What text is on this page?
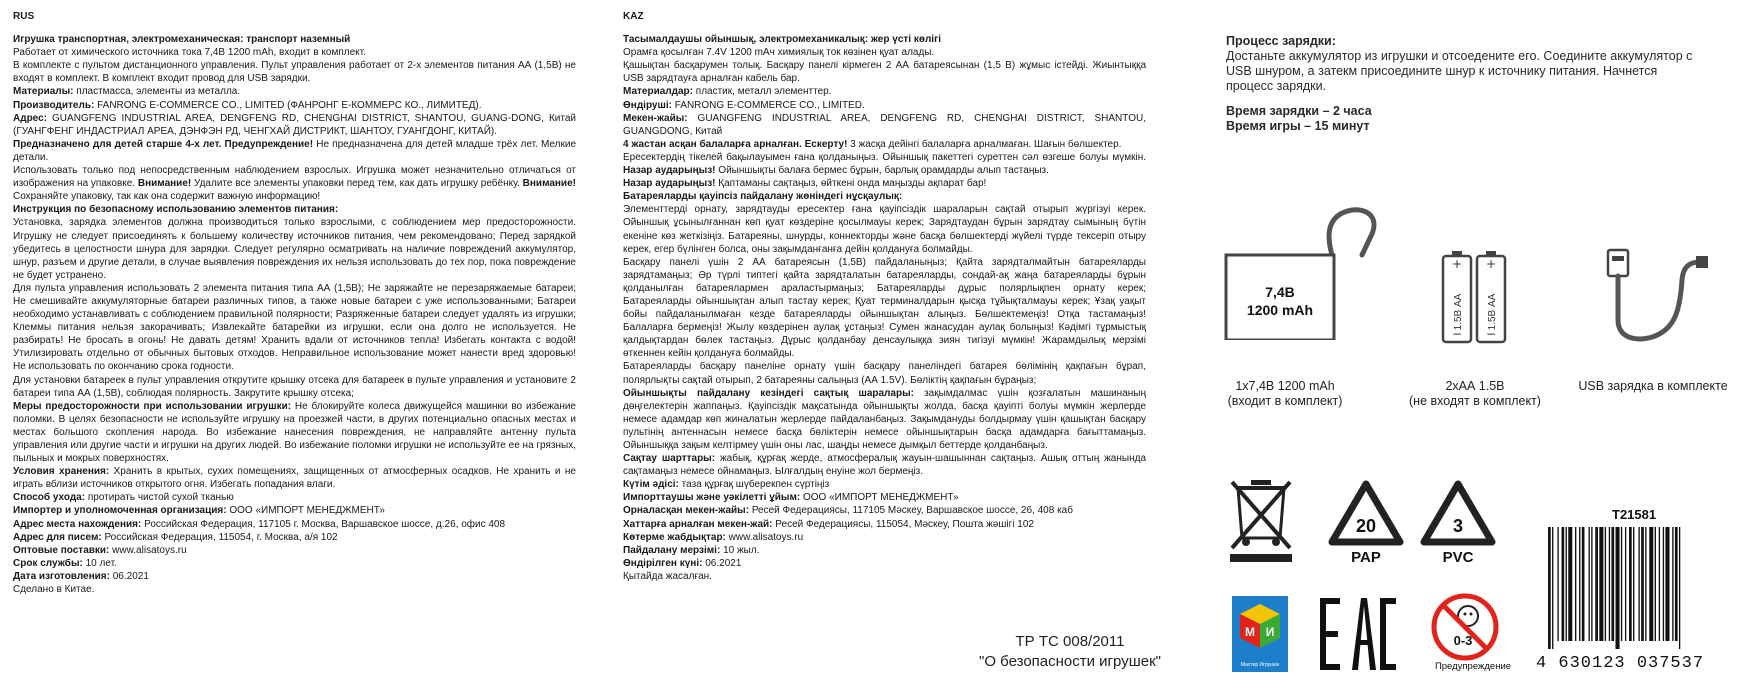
RUS

Игрушка транспортная, электромеханическая: транспорт наземный

Работает от химического источника тока 7,4В 1200 mAh, входит в комплект.

В комплекте с пультом дистанционного управления. Пульт управления работает от 2-х элементов питания АА (1,5В) не входят в комплект. В комплект входит провод для USB зарядки.

Материалы: пластмасса, элементы из металла.

Производитель: FANRONG E-COMMERCE CO., LIMITED (ФАНРОНГ Е-КОММЕРС КО., ЛИМИТЕД).

Адрес: GUANGFENG INDUSTRIAL AREA, DENGFENG RD, CHENGHAI DISTRICT, SHANTOU, GUANG-DONG, Китай (ГУАНГФЕНГ ИНДАСТРИАЛ АРЕА, ДЭНФЭН РД, ЧЕНГХАЙ ДИСТРИКТ, ШАНТОУ, ГУАНГДОНГ, КИТАЙ).

Предназначено для детей старше 4-х лет. Предупреждение! Не предназначена для детей младше трёх лет. Мелкие детали.

Использовать только под непосредственным наблюдением взрослых. Игрушка может незначительно отличаться от изображения на упаковке. Внимание! Удалите все элементы упаковки перед тем, как дать игрушку ребёнку. Внимание! Сохраняйте упаковку, так как она содержит важную информацию!

Инструкция по безопасному использованию элементов питания:

Установка, зарядка элементов должна производиться только взрослыми, с соблюдением мер предосторожности. Игрушку не следует присоединять к большему количеству источников питания, чем рекомендовано; Перед зарядкой убедитесь в целостности шнура для зарядки. Следует регулярно осматривать на наличие повреждений аккумулятор, шнур, разъем и другие детали, в случае выявления повреждения их нельзя использовать до тех пор, пока повреждение не будет устранено.

Для пульта управления использовать 2 элемента питания типа АА (1,5В); Не заряжайте не перезаряжаемые батареи; Не смешивайте аккумуляторные батареи различных типов, а также новые батареи с уже использованными; Батареи необходимо устанавливать с соблюдением правильной полярности; Разряженные батареи следует удалять из игрушки; Клеммы питания нельзя закорачивать; Извлекайте батарейки из игрушки, если она долго не используется. Не разбирать! Не бросать в огонь! Не давать детям! Хранить вдали от источников тепла! Избегать контакта с водой! Утилизировать отдельно от обычных бытовых отходов. Неправильное использование может нанести вред здоровью! Не использовать по окончанию срока годности.

Для установки батареек в пульт управления открутите крышку отсека для батареек в пульте управления и установите 2 батареи типа АА (1,5В), соблюдая полярность. Закрутите крышку отсека;

Меры предосторожности при использовании игрушки: Не блокируйте колеса движущейся машинки во избежание поломки. В целях безопасности не используйте игрушку на проезжей части, в других потенциально опасных местах и местах большого скопления народа. Во избежание нанесения повреждения, не направляйте антенну пульта управления или другие части и игрушки на других людей. Во избежание поломки игрушки не используйте ее на грязных, пыльных и мокрых поверхностях.

Условия хранения: Хранить в крытых, сухих помещениях, защищенных от атмосферных осадков. Не хранить и не играть вблизи источников открытого огня. Избегать попадания влаги.

Способ ухода: протирать чистой сухой тканью

Импортер и уполномоченная организация: ООО «ИМПОРТ МЕНЕДЖМЕНТ»

Адрес места нахождения: Российская Федерация, 117105 г. Москва, Варшавское шоссе, д.26, офис 408

Адрес для писем: Российская Федерация, 115054, г. Москва, а/я 102

Оптовые поставки: www.alisatoys.ru

Срок службы: 10 лет.

Дата изготовления: 06.2021

Сделано в Китае.

KAZ

Тасымалдаушы ойыншық, электромеханикалық: жер үсті көлігі

Орамға қосылған 7.4V 1200 mAч химиялық ток көзінен қуат алады.

Қашықтан басқарумен толық. Басқару панелі кірмеген 2 АА батареясынан (1,5 В) жұмыс істейді. Жиынтыққа USB зарядтауға арналған кабель бар.

Материалдар: пластик, металл элементтер.

Өндіруші: FANRONG E-COMMERCE CO., LIMITED.

Мекен-жайы: GUANGFENG INDUSTRIAL AREA, DENGFENG RD, CHENGHAI DISTRICT, SHANTOU, GUANGDONG, Китай

4 жастан асқан балаларға арналған. Ескерту! 3 жасқа дейінгі балаларға арналмаған. Шағын бөлшектер.

Ересектердің тікелей бақылауымен ғана қолданыңыз. Ойыншық пакеттегі суреттен сәл өзгеше болуы мүмкін. Назар аударыңыз! Ойыншықты балаға бермес бұрын, барлық орамдарды алып тастаңыз.

Назар аударыңыз! Қаптаманы сақтаңыз, өйткені онда маңызды ақпарат бар!

Батареяларды қауіпсіз пайдалану жөніндегі нұсқаулық:

Элементтерді орнату, зарядтауды ересектер ғана қауіпсіздік шараларын сақтай отырып жүргізуі керек. Ойыншық ұсынылғаннан көп қуат көздеріне қосылмауы керек; Зарядтаудан бұрын зарядтау сымының бүтін екеніне көз жеткізіңіз. Батареяны, шнурды, коннекторды және басқа бөлшектерді жүйелі түрде тексеріп отыру керек, егер бүлінген болса, оны зақымданғанға дейін қолдануға болмайды.

Басқару панелі үшін 2 АА батареясын (1,5В) пайдаланыңыз; Қайта зарядталмайтын батареяларды зарядтамаңыз; Әр түрлі типтегі қайта зарядталатын батареяларды, сондай-ақ жаңа батареяларды бұрын қолданылған батареялармен араластырмаңыз; Батареяларды дұрыс полярлықпен орнату керек; Батареяларды ойыншықтан алып тастау керек; Қуат терминалдарын қысқа тұйықталмауы керек; Ұзақ уақыт бойы пайдаланылмаған кезде батареяларды ойыншықтан алыңыз. Бөлшектемеңіз! Отқа тастамаңыз! Балаларға бермеңіз! Жылу көздерінен аулақ ұстаңыз! Сумен жанасудан аулақ болыңыз! Кәдімгі тұрмыстық қалдықтардан бөлек тастаңыз. Дұрыс қолданбау денсаулыққа зиян тигізуі мүмкін! Жарамдылық мерзімі өткеннен кейін қолдануға болмайды.

Батареяларды басқару панеліне орнату үшін басқару панеліндегі батарея бөлімінің қақпағын бұрап, полярлықты сақтай отырып, 2 батареяны салыңыз (АА 1.5V). Бөліктің қақпағын бұраңыз;

Ойыншықты пайдалану кезіндегі сақтық шаралары: зақымдалмас үшін қозғалатын машинаның дөңгелектерін жаппаңыз. Қауіпсіздік мақсатында ойыншықты жолда, басқа қауіпті болуы мүмкін жерлерде немесе адамдар көп жиналатын жерлерде пайдаланбаңыз. Зақымдануды болдырмау үшін қашықтан басқару пультінің антеннасын немесе басқа бөліктерін немесе ойыншықтарын басқа адамдарға бағыттамаңыз. Ойыншыққа зақым келтірмеу үшін оны лас, шаңды немесе дымқыл беттерде қолданбаңыз.

Сақтау шарттары: жабық, құрғақ жерде, атмосфералық жауын-шашыннан сақтаңыз. Ашық оттың жанында сақтамаңыз немесе ойнамаңыз. Ылғалдың енуіне жол бермеңіз.

Күтім әдісі: таза құрғақ шүберекпен сүртіңіз

Импорттаушы және уәкілетті ұйым: ООО «ИМПОРТ МЕНЕДЖМЕНТ»

Орналасқан мекен-жайы: Ресей Федерациясы, 117105 Мәскеу, Варшавское шоссе, 26, 408 каб

Хаттарға арналған мекен-жай: Ресей Федерациясы, 115054, Мәскеу, Пошта жәшігі 102

Көтерме жабдықтар: www.alisatoys.ru

Пайдалану мерзімі: 10 жыл.

Өндірілген күні: 06.2021

Қытайда жасалған.

Процесс зарядки:

Достаньте аккумулятор из игрушки и отсоедените его. Соедините аккумулятор с USB шнуром, а затекм присоедините шнур к источнику питания. Начнется процесс зарядки.

Время зарядки – 2 часа
Время игры – 15 минут
7,4В
1200 mAh
1х7,4В 1200 mAh
(входит в комплект)
+ +
1.5В АА 1.5В АА
− −
2хАА 1.5В
(не входят в комплект)
USB зарядка в комплекте
20
PAP
3
PVC
М И
Мастер Игрушек
0-3
Предупреждение
ТР ТС 008/2011
"О безопасности игрушек"
T21581
4 630123 037537
